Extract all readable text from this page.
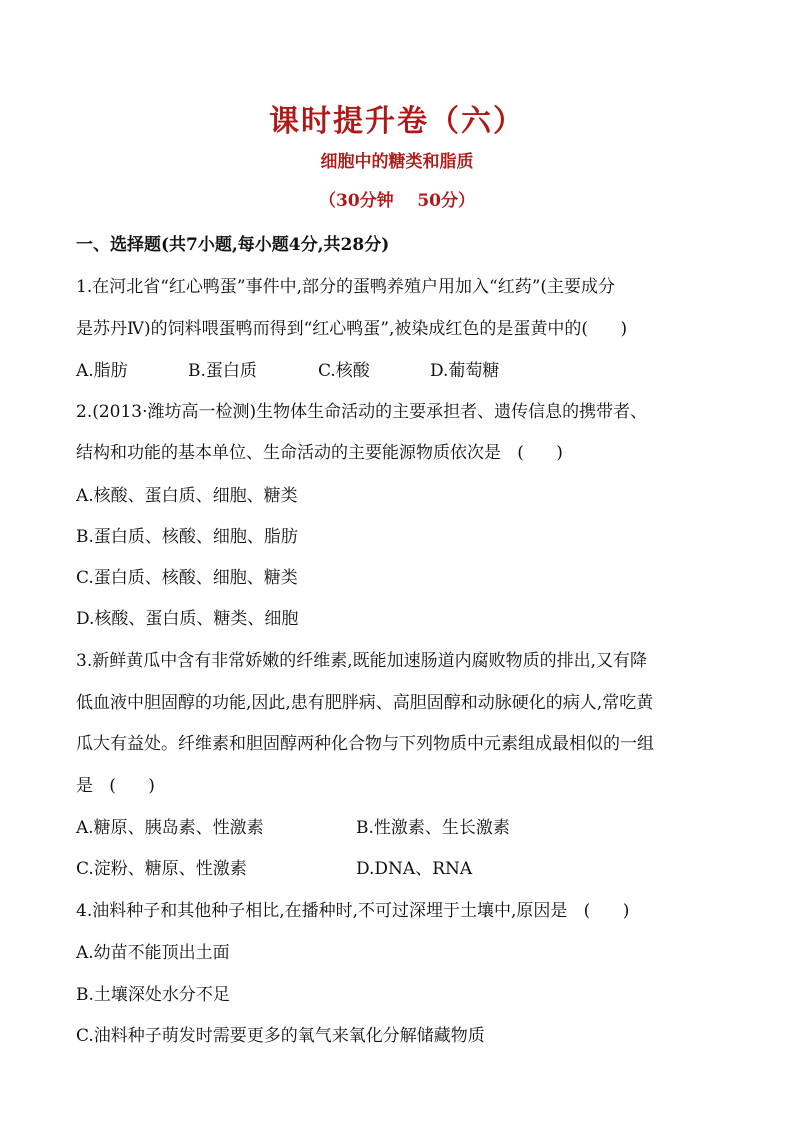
课时提升卷（六）
细胞中的糖类和脂质
（30分钟    50分）
一、选择题(共7小题,每小题4分,共28分)
1.在河北省“红心鸭蛋”事件中,部分的蛋鸭养殖户用加入“红药”(主要成分
是苏丹Ⅳ)的饲料喂蛋鸭而得到“红心鸭蛋”,被染成红色的是蛋黄中的(      )
A.脂肪	B.蛋白质	C.核酸	D.葡萄糖
2.(2013·潍坊高一检测)生物体生命活动的主要承担者、遗传信息的携带者、
结构和功能的基本单位、生命活动的主要能源物质依次是   (      )
A.核酸、蛋白质、细胞、糖类
B.蛋白质、核酸、细胞、脂肪
C.蛋白质、核酸、细胞、糖类
D.核酸、蛋白质、糖类、细胞
3.新鲜黄瓜中含有非常娇嫩的纤维素,既能加速肠道内腐败物质的排出,又有降
低血液中胆固醇的功能,因此,患有肥胖病、高胆固醇和动脉硬化的病人,常吃黄
瓜大有益处。纤维素和胆固醇两种化合物与下列物质中元素组成最相似的一组
是   (      )
A.糖原、胰岛素、性激素	B.性激素、生长激素
C.淀粉、糖原、性激素	D.DNA、RNA
4.油料种子和其他种子相比,在播种时,不可过深埋于土壤中,原因是   (      )
A.幼苗不能顶出土面
B.土壤深处水分不足
C.油料种子萌发时需要更多的氧气来氧化分解储藏物质
